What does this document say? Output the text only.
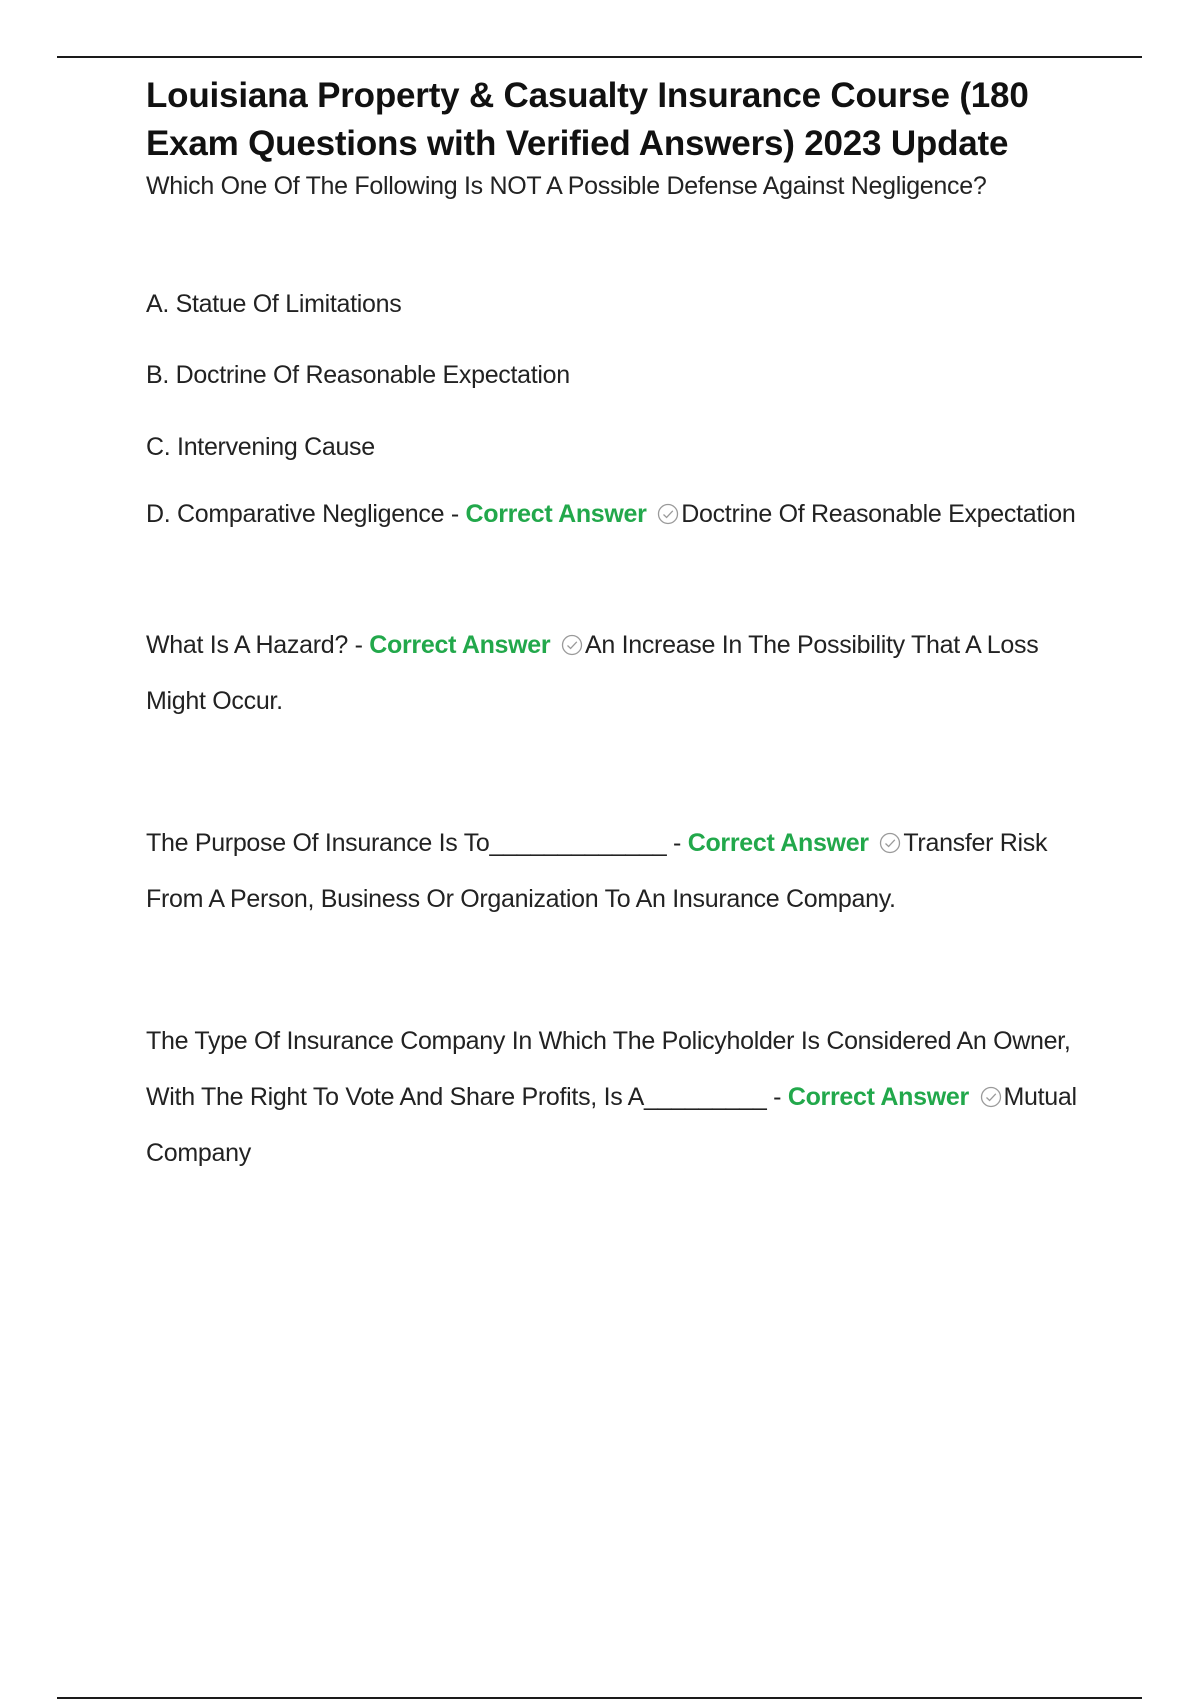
Louisiana Property & Casualty Insurance Course (180 Exam Questions with Verified Answers) 2023 Update
Which One Of The Following Is NOT A Possible Defense Against Negligence?
A. Statue Of Limitations
B. Doctrine Of Reasonable Expectation
C. Intervening Cause
D. Comparative Negligence - Correct Answer Doctrine Of Reasonable Expectation
What Is A Hazard? - Correct Answer An Increase In The Possibility That A Loss Might Occur.
The Purpose Of Insurance Is To_____________ - Correct Answer Transfer Risk From A Person, Business Or Organization To An Insurance Company.
The Type Of Insurance Company In Which The Policyholder Is Considered An Owner, With The Right To Vote And Share Profits, Is A_________ - Correct Answer Mutual Company
